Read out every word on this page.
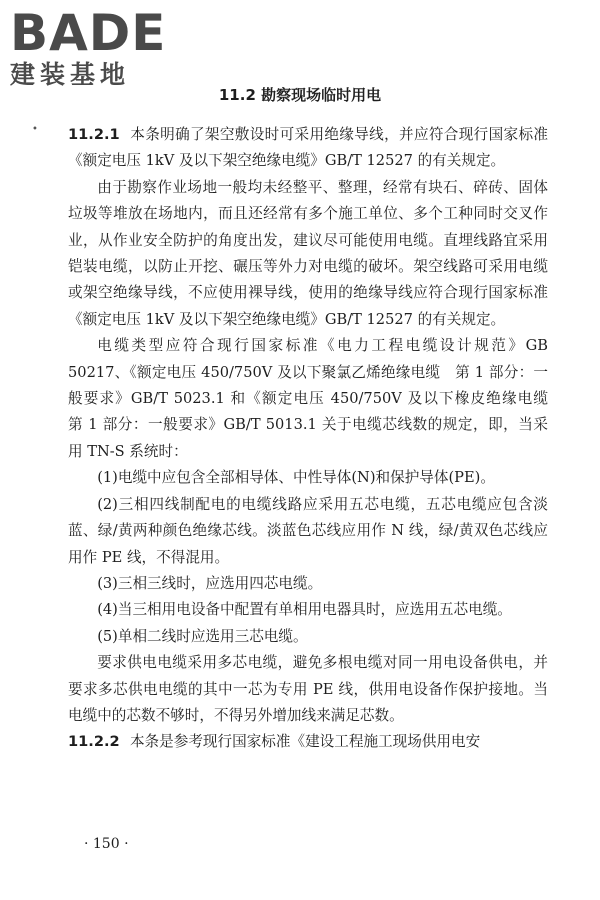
BADE
建装基地
•
11.2 勘察现场临时用电

11.2.1 本条明确了架空敷设时可采用绝缘导线，并应符合现行国家标准《额定电压 1kV 及以下架空绝缘电缆》GB/T 12527 的有关规定。

由于勘察作业场地一般均未经整平、整理，经常有块石、碎砖、固体垃圾等堆放在场地内，而且还经常有多个施工单位、多个工种同时交叉作业，从作业安全防护的角度出发，建议尽可能使用电缆。直埋线路宜采用铠装电缆，以防止开挖、碾压等外力对电缆的破坏。架空线路可采用电缆或架空绝缘导线，不应使用裸导线，使用的绝缘导线应符合现行国家标准《额定电压 1kV 及以下架空绝缘电缆》GB/T 12527 的有关规定。

电缆类型应符合现行国家标准《电力工程电缆设计规范》GB 50217、《额定电压 450/750V 及以下聚氯乙烯绝缘电缆　第 1 部分：一般要求》GB/T 5023.1 和《额定电压 450/750V 及以下橡皮绝缘电缆　第 1 部分：一般要求》GB/T 5013.1 关于电缆芯线数的规定，即，当采用 TN-S 系统时：

(1)电缆中应包含全部相导体、中性导体(N)和保护导体(PE)。

(2)三相四线制配电的电缆线路应采用五芯电缆，五芯电缆应包含淡蓝、绿/黄两种颜色绝缘芯线。淡蓝色芯线应用作 N 线，绿/黄双色芯线应用作 PE 线，不得混用。

(3)三相三线时，应选用四芯电缆。

(4)当三相用电设备中配置有单相用电器具时，应选用五芯电缆。

(5)单相二线时应选用三芯电缆。

要求供电电缆采用多芯电缆，避免多根电缆对同一用电设备供电，并要求多芯供电电缆的其中一芯为专用 PE 线，供用电设备作保护接地。当电缆中的芯数不够时，不得另外增加线来满足芯数。

11.2.2 本条是参考现行国家标准《建设工程施工现场供用电安

· 150 ·
